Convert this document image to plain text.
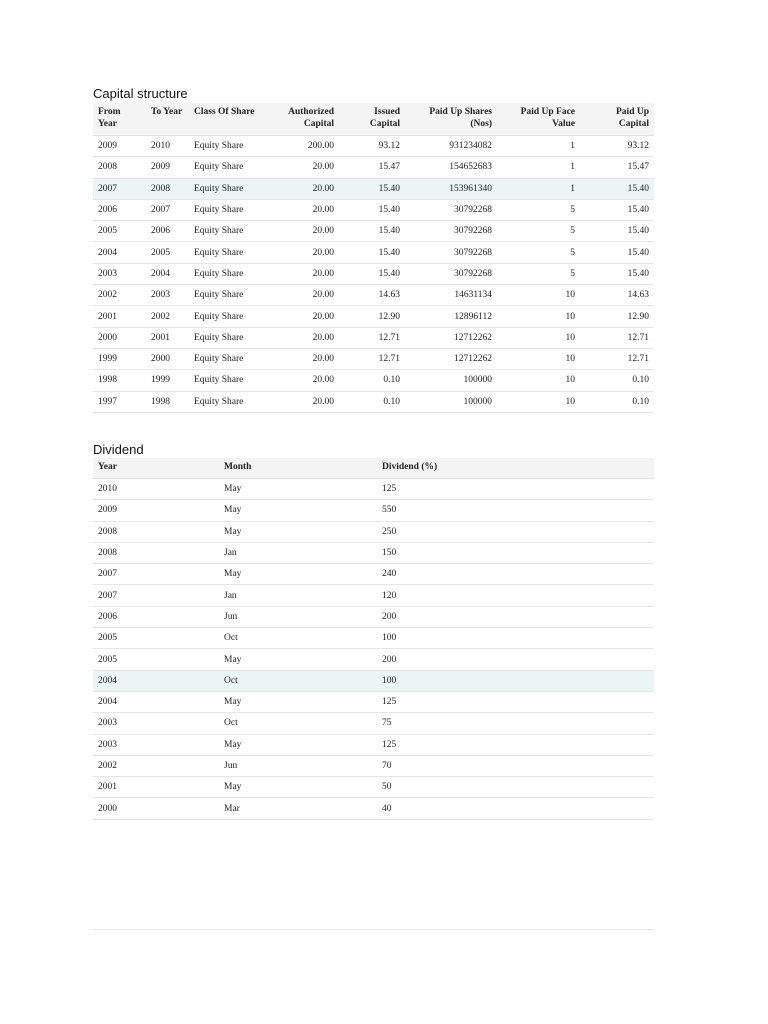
Capital structure
From Year	To Year	Class Of Share	Authorized Capital	Issued Capital	Paid Up Shares (Nos)	Paid Up Face Value	Paid Up Capital
2009	2010	Equity Share	200.00	93.12	931234082	1	93.12
2008	2009	Equity Share	20.00	15.47	154652683	1	15.47
2007	2008	Equity Share	20.00	15.40	153961340	1	15.40
2006	2007	Equity Share	20.00	15.40	30792268	5	15.40
2005	2006	Equity Share	20.00	15.40	30792268	5	15.40
2004	2005	Equity Share	20.00	15.40	30792268	5	15.40
2003	2004	Equity Share	20.00	15.40	30792268	5	15.40
2002	2003	Equity Share	20.00	14.63	14631134	10	14.63
2001	2002	Equity Share	20.00	12.90	12896112	10	12.90
2000	2001	Equity Share	20.00	12.71	12712262	10	12.71
1999	2000	Equity Share	20.00	12.71	12712262	10	12.71
1998	1999	Equity Share	20.00	0.10	100000	10	0.10
1997	1998	Equity Share	20.00	0.10	100000	10	0.10
Dividend
Year	Month	Dividend (%)
2010	May	125
2009	May	550
2008	May	250
2008	Jan	150
2007	May	240
2007	Jan	120
2006	Jun	200
2005	Oct	100
2005	May	200
2004	Oct	100
2004	May	125
2003	Oct	75
2003	May	125
2002	Jun	70
2001	May	50
2000	Mar	40
